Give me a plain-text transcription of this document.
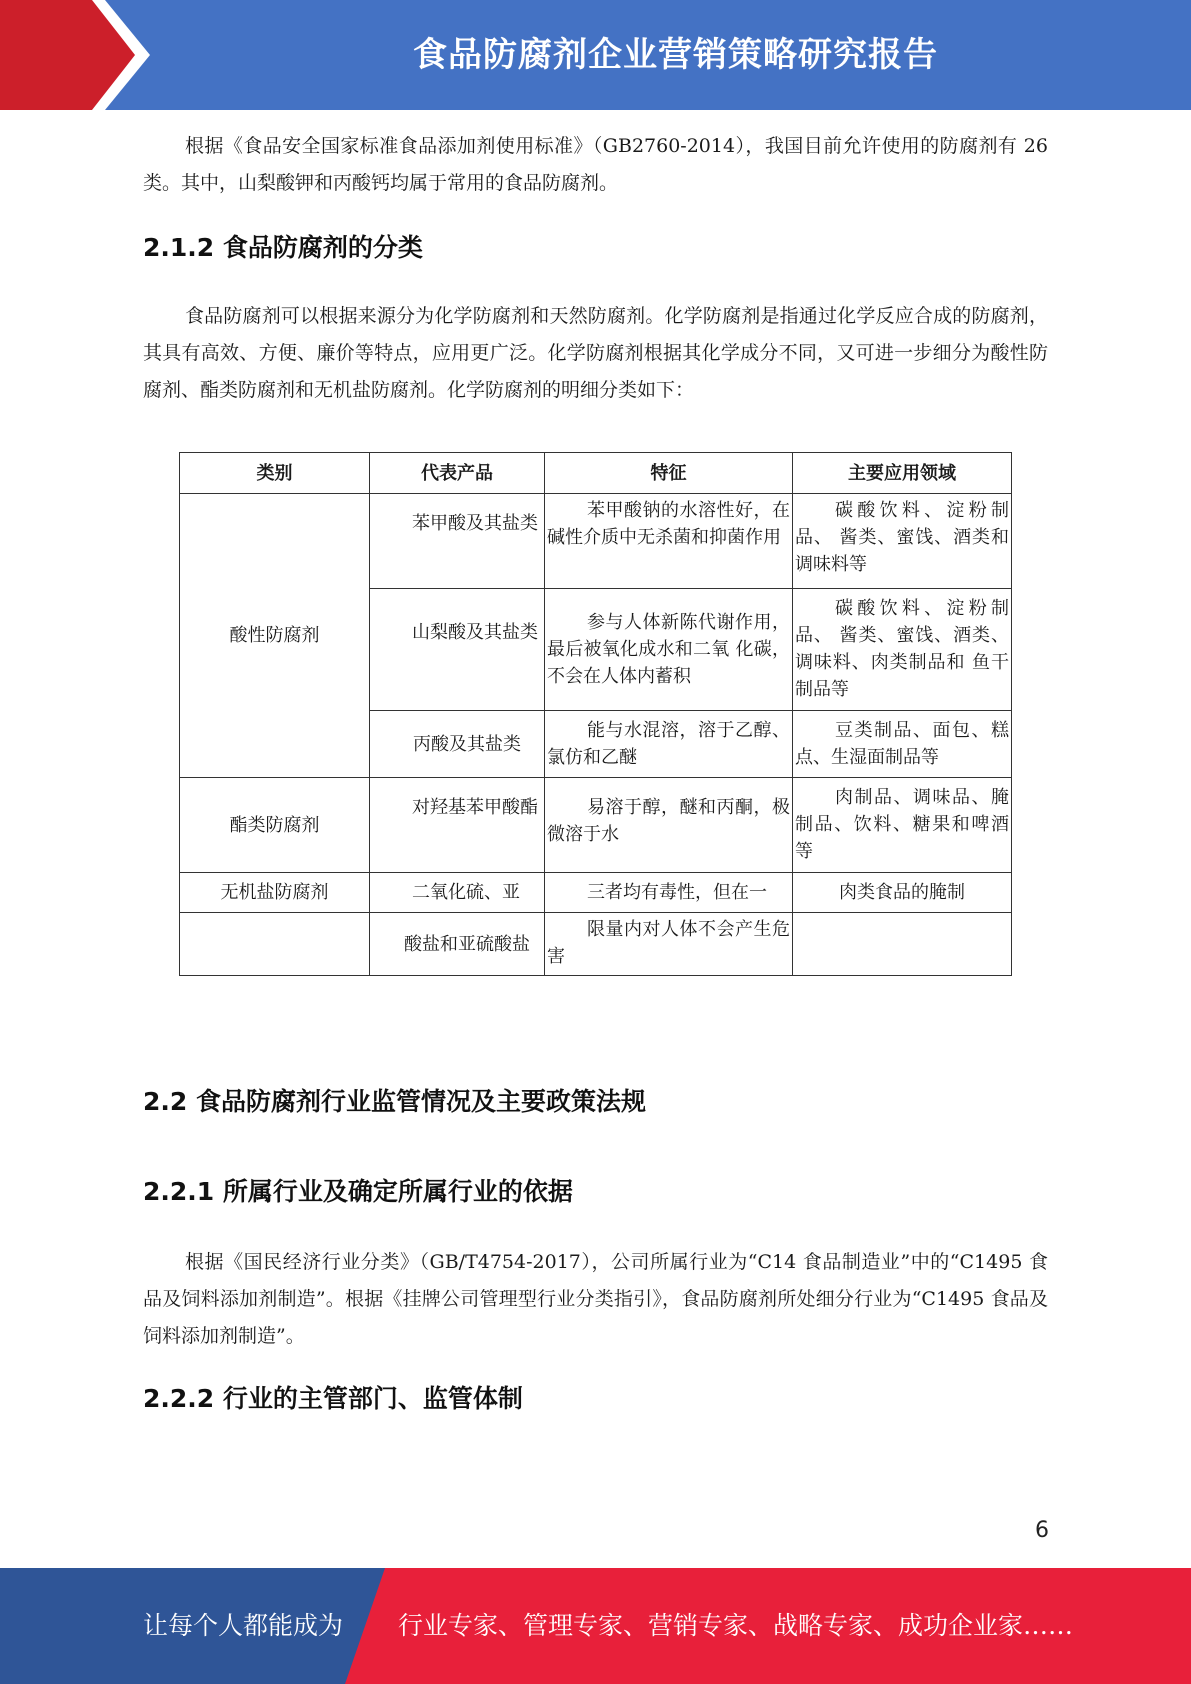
食品防腐剂企业营销策略研究报告

根据《食品安全国家标准食品添加剂使用标准》（GB2760-2014），我国目前允许使用的防腐剂有 26 类。其中，山梨酸钾和丙酸钙均属于常用的食品防腐剂。

2.1.2 食品防腐剂的分类

食品防腐剂可以根据来源分为化学防腐剂和天然防腐剂。化学防腐剂是指通过化学反应合成的防腐剂，其具有高效、方便、廉价等特点，应用更广泛。化学防腐剂根据其化学成分不同，又可进一步细分为酸性防腐剂、酯类防腐剂和无机盐防腐剂。化学防腐剂的明细分类如下：

类别	代表产品	特征	主要应用领域
酸性防腐剂	苯甲酸及其盐类	苯甲酸钠的水溶性好，在 碱性介质中无杀菌和抑菌作用	碳酸饮料、淀粉制品、 酱类、蜜饯、酒类和 调味料等

	山梨酸及其盐类	参与人体新陈代谢作用， 最后被氧化成水和二氧 化碳，不会在人体内蓄积	碳酸饮料、淀粉制品、 酱类、蜜饯、酒类、 调味料、肉类制品和 鱼干制品等

	丙酸及其盐类	能与水混溶，溶于乙醇、氯仿和乙醚	豆类制品、面包、糕 点、生湿面制品等

酯类防腐剂	对羟基苯甲酸酯	易溶于醇，醚和丙酮，极 微溶于水	肉制品、调味品、腌 制品、饮料、糖果和啤酒等

无机盐防腐剂	二氧化硫、亚	三者均有毒性，但在一	肉类食品的腌制

	酸盐和亚硫酸盐	限量内对人体不会产生危害	

2.2 食品防腐剂行业监管情况及主要政策法规
2.2.1 所属行业及确定所属行业的依据

根据《国民经济行业分类》（GB/T4754-2017），公司所属行业为“C14 食品制造业”中的“C1495 食品及饲料添加剂制造”。根据《挂牌公司管理型行业分类指引》，食品防腐剂所处细分行业为“C1495 食品及饲料添加剂制造”。

2.2.2 行业的主管部门、监管体制
6
让每个人都能成为 行业专家、管理专家、营销专家、战略专家、成功企业家……
